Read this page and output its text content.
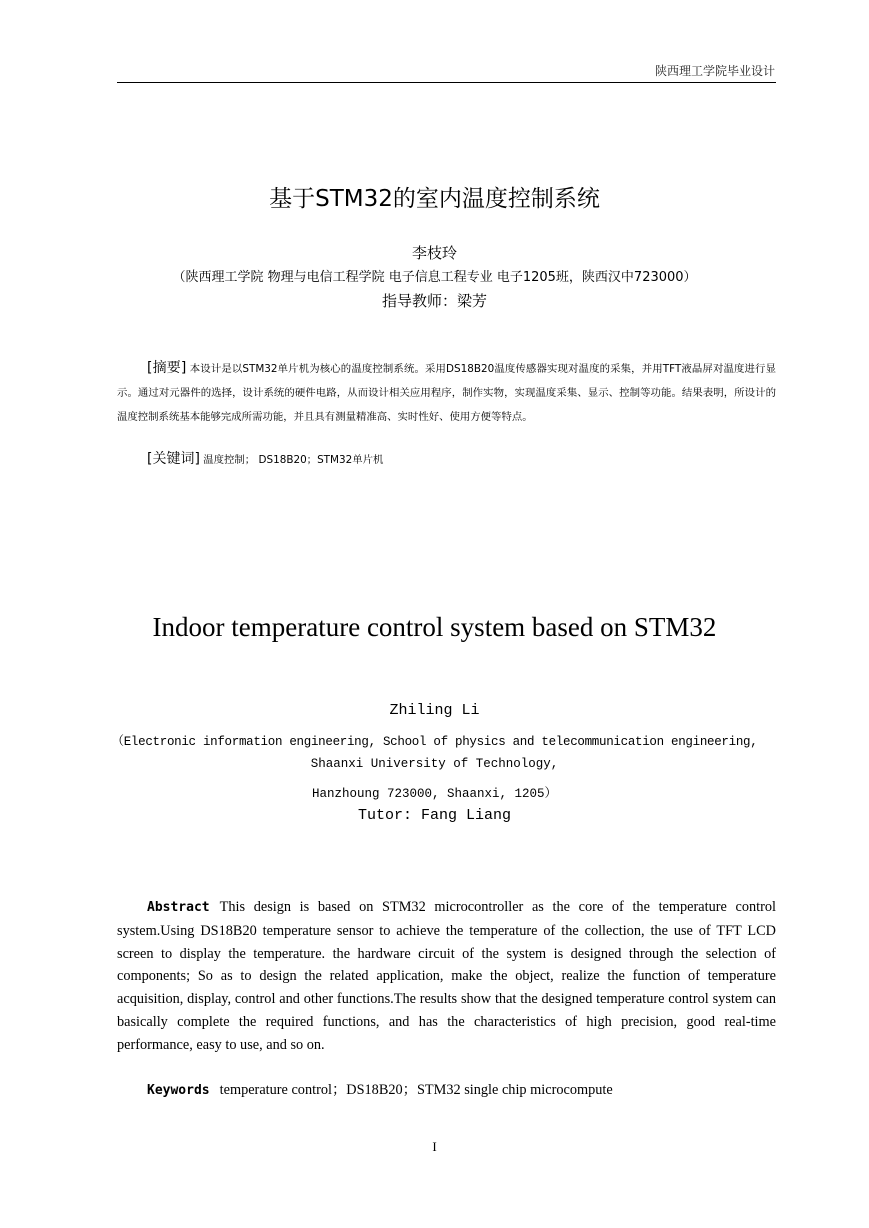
陕西理工学院毕业设计
基于STM32的室内温度控制系统
李枝玲
（陕西理工学院 物理与电信工程学院 电子信息工程专业 电子1205班，陕西汉中723000）
指导教师：梁芳
[摘要] 本设计是以STM32单片机为核心的温度控制系统。采用DS18B20温度传感器实现对温度的采集，并用TFT液晶屏对温度进行显示。通过对元器件的选择，设计系统的硬件电路，从而设计相关应用程序，制作实物，实现温度采集、显示、控制等功能。结果表明，所设计的温度控制系统基本能够完成所需功能，并且具有测量精准高、实时性好、使用方便等特点。
[关键词] 温度控制； DS18B20；STM32单片机
Indoor temperature control system based on STM32
Zhiling Li
（Electronic information engineering, School of physics and telecommunication engineering,
Shaanxi University of Technology,
Hanzhoung 723000, Shaanxi, 1205）
Tutor: Fang Liang
Abstract This design is based on STM32 microcontroller as the core of the temperature control system.Using DS18B20 temperature sensor to achieve the temperature of the collection, the use of TFT LCD screen to display the temperature. the hardware circuit of the system is designed through the selection of components; So as to design the related application, make the object, realize the function of temperature acquisition, display, control and other functions.The results show that the designed temperature control system can basically complete the required functions, and has the characteristics of high precision, good real-time performance, easy to use, and so on.
Keywords temperature control；DS18B20；STM32 single chip microcompute
I
